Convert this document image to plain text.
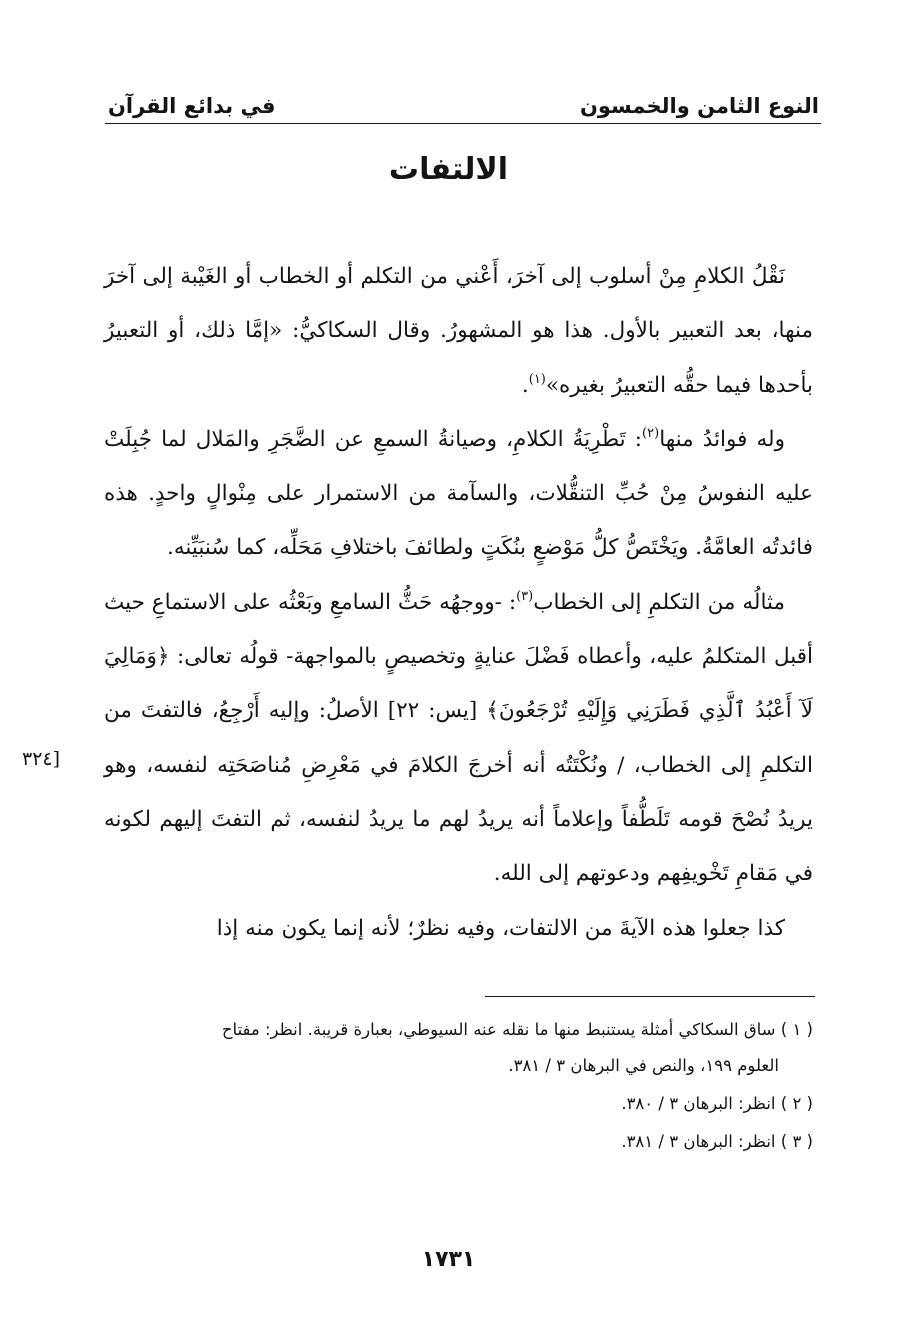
النوع الثامن والخمسون
في بدائع القرآن
الالتفات

نَقْلُ الكلامِ مِنْ أسلوب إلى آخرَ، أَعْني من التكلم أو الخطاب أو الغَيْبة إلى آخرَ منها، بعد التعبير بالأول. هذا هو المشهورُ. وقال السكاكيُّ: «إمَّا ذلك، أو التعبيرُ بأحدها فيما حقُّه التعبيرُ بغيره»$^{(١)}$.

وله فوائدُ منها$^{(٢)}$: تَطْرِيَةُ الكلامِ، وصيانةُ السمعِ عن الضَّجَرِ والمَلال لما جُبِلَتْ عليه النفوسُ مِنْ حُبِّ التنقُّلات، والسآمة من الاستمرار على مِنْوالٍ واحدٍ. هذه فائدتُه العامَّةُ. ويَخْتَصُّ كلُّ مَوْضعٍ بنُكَتٍ ولطائفَ باختلافِ مَحَلِّه، كما سُنبَيِّنه.

مثالُه من التكلمِ إلى الخطاب$^{(٣)}$: -ووجهُه حَثُّ السامعِ وبَعْثُه على الاستماعِ حيث أقبل المتكلمُ عليه، وأعطاه فَضْلَ عنايةٍ وتخصيصٍ بالمواجهة- قولُه تعالى: ﴿وَمَالِيَ لَآ أَعْبُدُ ٱلَّذِي فَطَرَنِي وَإِلَيْهِ تُرْجَعُونَ﴾ [يس: ٢٢] الأصلُ: وإليه أَرْجِعُ، فالتفتَ من التكلمِ إلى الخطاب، / ونُكْتَتُه أنه أخرجَ الكلامَ في مَعْرِضِ مُناصَحَتِه لنفسه، وهو يريدُ نُصْحَ قومه تَلَطُّفاً وإعلاماً أنه يريدُ لهم ما يريدُ لنفسه، ثم التفتَ إليهم لكونه في مَقامِ تَخْويفِهم ودعوتهم إلى الله.

كذا جعلوا هذه الآيةَ من الالتفات، وفيه نظرٌ؛ لأنه إنما يكون منه إذا

[٣٢٤

( ١ ) ساق السكاكي أمثلة يستنبط منها ما نقله عنه السيوطي، بعبارة قريبة. انظر: مفتاح
العلوم ١٩٩، والنص في البرهان ٣ / ٣٨١.

( ٢ ) انظر: البرهان ٣ / ٣٨٠.

( ٣ ) انظر: البرهان ٣ / ٣٨١.

١٧٣١
